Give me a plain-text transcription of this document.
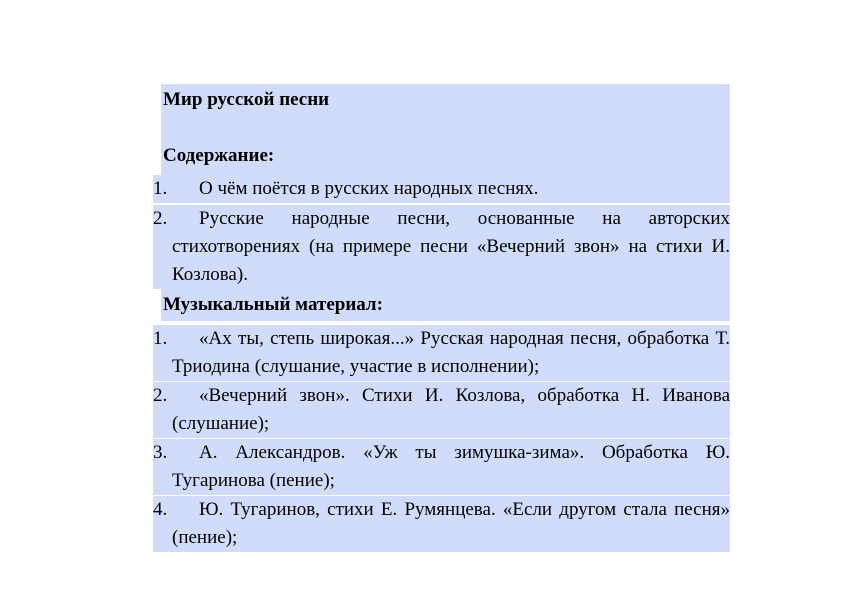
Мир русской песни
Содержание:
1.	О чём поётся в русских народных песнях.
2.	Русские народные песни, основанные на авторских стихотворениях (на примере песни «Вечерний звон» на стихи И. Козлова).
Музыкальный материал:
1.	«Ах ты, степь широкая...» Русская народная песня, обработка Т. Триодина (слушание, участие в исполнении);
2.	«Вечерний звон». Стихи И. Козлова, обработка Н. Иванова (слушание);
3.	А. Александров. «Уж ты зимушка-зима». Обработка Ю. Тугаринова (пение);
4.	Ю. Тугаринов, стихи Е. Румянцева. «Если другом стала песня» (пение);
